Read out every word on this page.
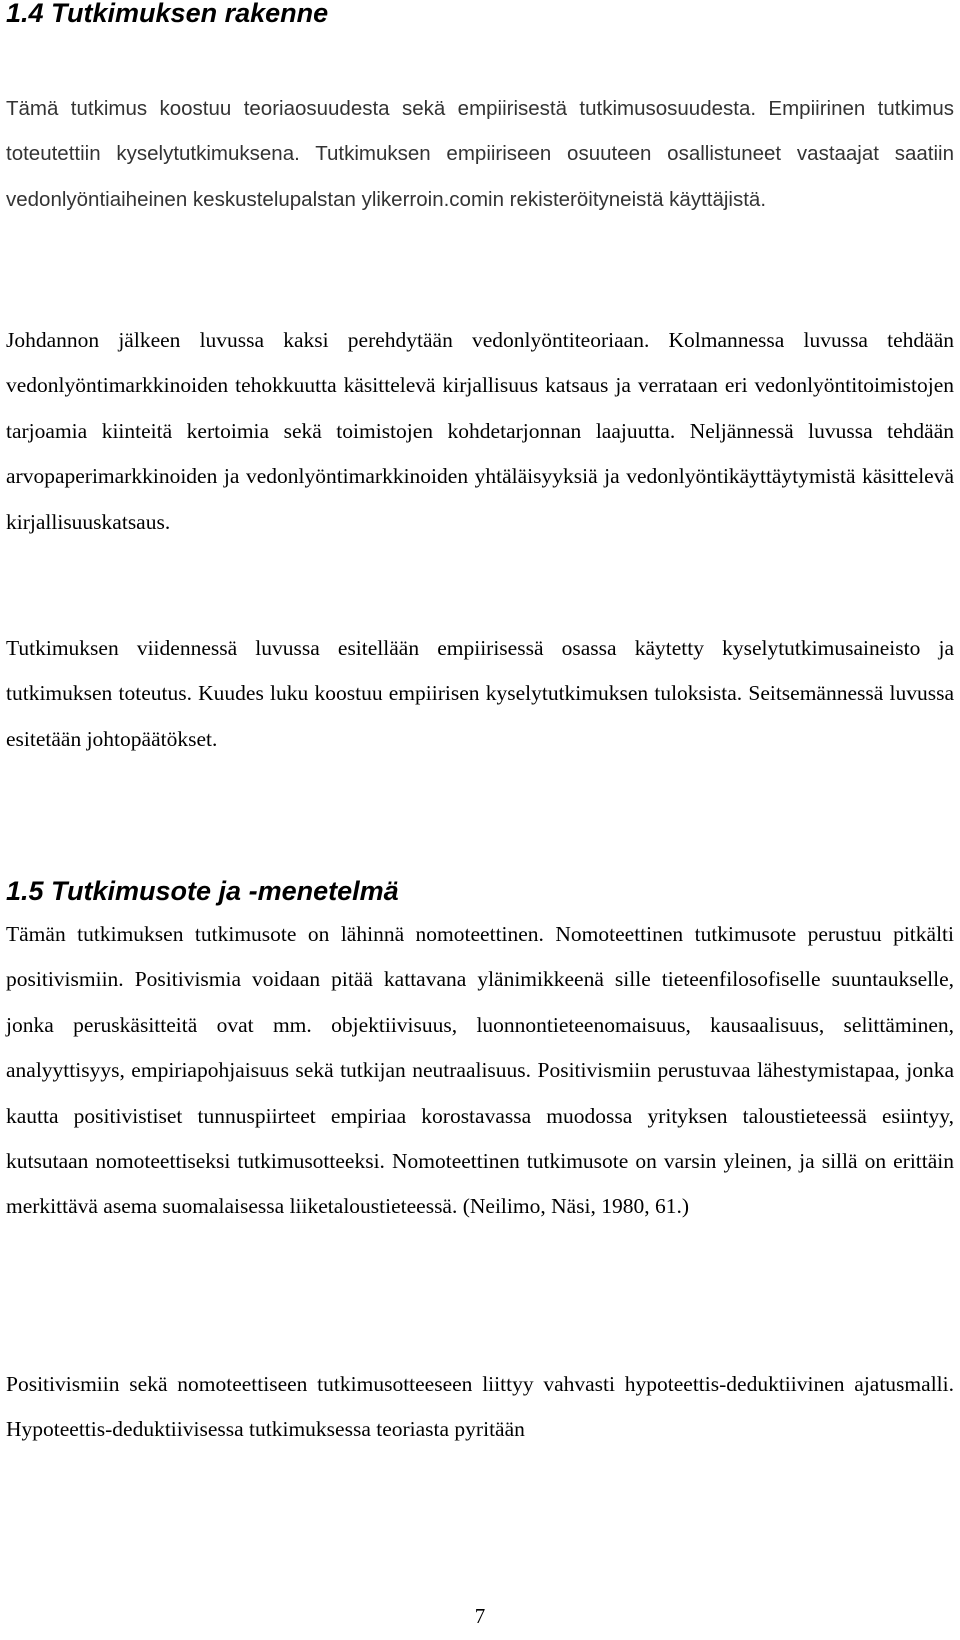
1.4 Tutkimuksen rakenne

Tämä tutkimus koostuu teoriaosuudesta sekä empiirisestä tutkimusosuudesta. Empiirinen tutkimus toteutettiin kyselytutkimuksena. Tutkimuksen empiiriseen osuuteen osallistuneet vastaajat saatiin vedonlyöntiaiheinen keskustelupalstan ylikerroin.comin rekisteröityneistä käyttäjistä.

Johdannon jälkeen luvussa kaksi perehdytään vedonlyöntiteoriaan. Kolmannessa luvussa tehdään vedonlyöntimarkkinoiden tehokkuutta käsittelevä kirjallisuus katsaus ja verrataan eri vedonlyöntitoimistojen tarjoamia kiinteitä kertoimia sekä toimistojen kohdetarjonnan laajuutta. Neljännessä luvussa tehdään arvopaperimarkkinoiden ja vedonlyöntimarkkinoiden yhtäläisyyksiä ja vedonlyöntikäyttäytymistä käsittelevä kirjallisuuskatsaus.

Tutkimuksen viidennessä luvussa esitellään empiirisessä osassa käytetty kyselytutkimusaineisto ja tutkimuksen toteutus. Kuudes luku koostuu empiirisen kyselytutkimuksen tuloksista. Seitsemännessä luvussa esitetään johtopäätökset.

1.5 Tutkimusote ja -menetelmä

Tämän tutkimuksen tutkimusote on lähinnä nomoteettinen. Nomoteettinen tutkimusote perustuu pitkälti positivismiin. Positivismia voidaan pitää kattavana ylänimikkeenä sille tieteenfilosofiselle suuntaukselle, jonka peruskäsitteitä ovat mm. objektiivisuus, luonnontieteenomaisuus, kausaalisuus, selittäminen, analyyttisyys, empiriapohjaisuus sekä tutkijan neutraalisuus. Positivismiin perustuvaa lähestymistapaa, jonka kautta positivistiset tunnuspiirteet empiriaa korostavassa muodossa yrityksen taloustieteessä esiintyy, kutsutaan nomoteettiseksi tutkimusotteeksi. Nomoteettinen tutkimusote on varsin yleinen, ja sillä on erittäin merkittävä asema suomalaisessa liiketaloustieteessä. (Neilimo, Näsi, 1980, 61.)

Positivismiin sekä nomoteettiseen tutkimusotteeseen liittyy vahvasti hypoteettis-deduktiivinen ajatusmalli. Hypoteettis-deduktiivisessa tutkimuksessa teoriasta pyritään

7
